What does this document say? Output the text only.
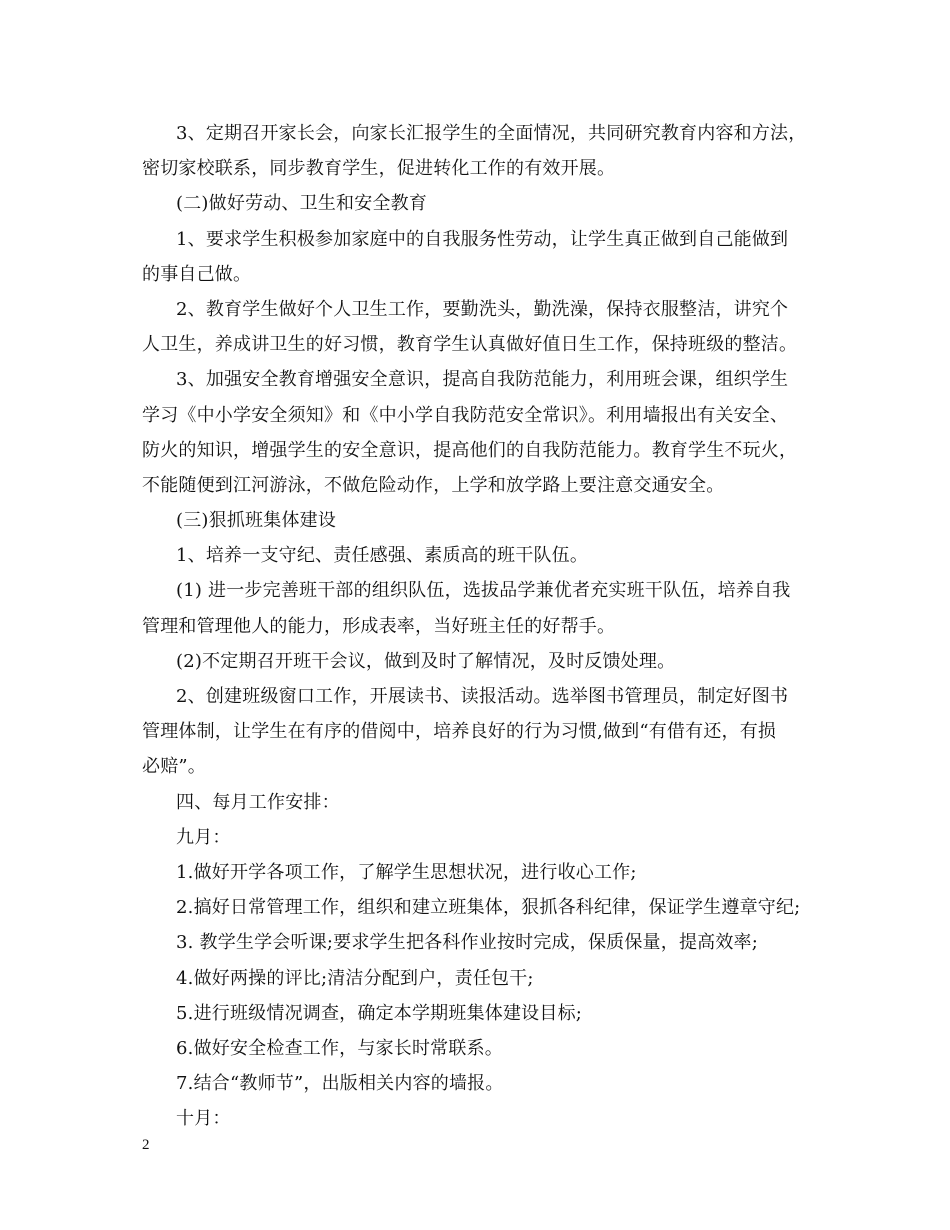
3、定期召开家长会，向家长汇报学生的全面情况，共同研究教育内容和方法，
密切家校联系，同步教育学生，促进转化工作的有效开展。
(二)做好劳动、卫生和安全教育
1、要求学生积极参加家庭中的自我服务性劳动，让学生真正做到自己能做到
的事自己做。
2、教育学生做好个人卫生工作，要勤洗头，勤洗澡，保持衣服整洁，讲究个
人卫生，养成讲卫生的好习惯，教育学生认真做好值日生工作，保持班级的整洁。
3、加强安全教育增强安全意识，提高自我防范能力，利用班会课，组织学生
学习《中小学安全须知》和《中小学自我防范安全常识》。利用墙报出有关安全、
防火的知识，增强学生的安全意识，提高他们的自我防范能力。教育学生不玩火，
不能随便到江河游泳，不做危险动作，上学和放学路上要注意交通安全。
(三)狠抓班集体建设
1、培养一支守纪、责任感强、素质高的班干队伍。
(1) 进一步完善班干部的组织队伍，选拔品学兼优者充实班干队伍，培养自我
管理和管理他人的能力，形成表率，当好班主任的好帮手。
(2)不定期召开班干会议，做到及时了解情况，及时反馈处理。
2、创建班级窗口工作，开展读书、读报活动。选举图书管理员，制定好图书
管理体制，让学生在有序的借阅中，培养良好的行为习惯,做到“有借有还，有损
必赔”。
四、每月工作安排：
九月：
1.做好开学各项工作，了解学生思想状况，进行收心工作;
2.搞好日常管理工作，组织和建立班集体，狠抓各科纪律，保证学生遵章守纪;
3. 教学生学会听课;要求学生把各科作业按时完成，保质保量，提高效率;
4.做好两操的评比;清洁分配到户，责任包干;
5.进行班级情况调查，确定本学期班集体建设目标;
6.做好安全检查工作，与家长时常联系。
7.结合“教师节”，出版相关内容的墙报。
十月：
2
